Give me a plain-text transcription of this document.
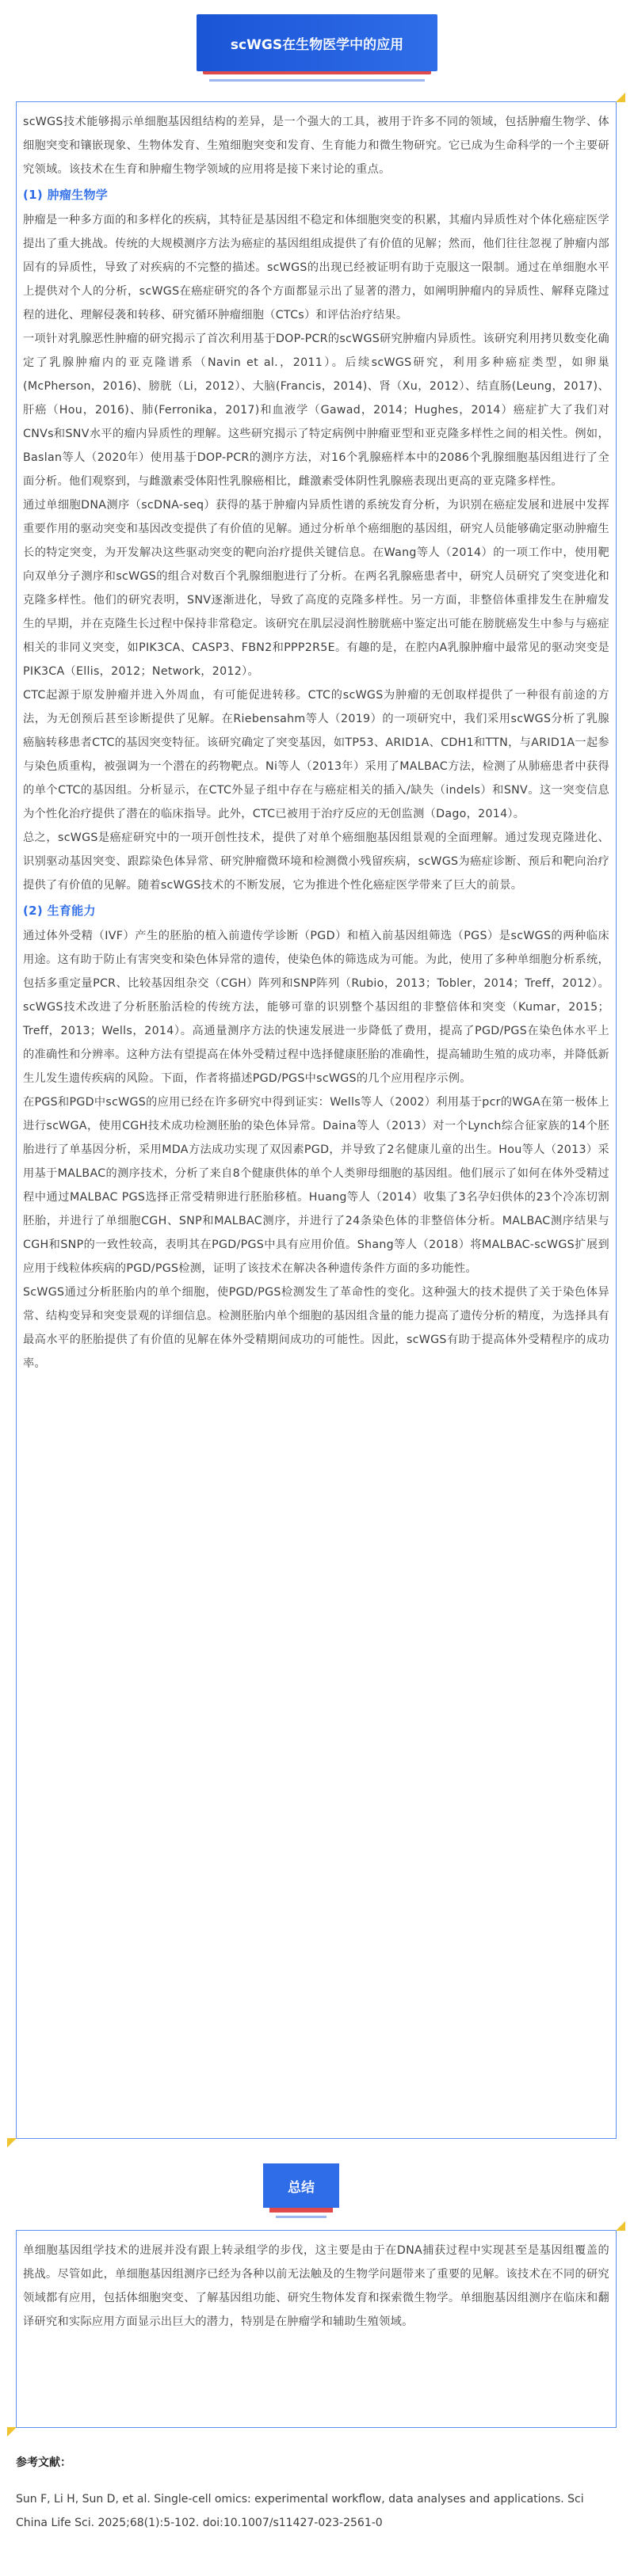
scWGS在生物医学中的应用

scWGS技术能够揭示单细胞基因组结构的差异，是一个强大的工具，被用于许多不同的领域，包括肿瘤生物学、体细胞突变和镶嵌现象、生物体发育、生殖细胞突变和发育、生育能力和微生物研究。它已成为生命科学的一个主要研究领域。该技术在生育和肿瘤生物学领域的应用将是接下来讨论的重点。

(1) 肿瘤生物学

肿瘤是一种多方面的和多样化的疾病，其特征是基因组不稳定和体细胞突变的积累，其瘤内异质性对个体化癌症医学提出了重大挑战。传统的大规模测序方法为癌症的基因组组成提供了有价值的见解；然而，他们往往忽视了肿瘤内部固有的异质性，导致了对疾病的不完整的描述。scWGS的出现已经被证明有助于克服这一限制。通过在单细胞水平上提供对个人的分析，scWGS在癌症研究的各个方面都显示出了显著的潜力，如阐明肿瘤内的异质性、解释克隆过程的进化、理解侵袭和转移、研究循环肿瘤细胞（CTCs）和评估治疗结果。

一项针对乳腺恶性肿瘤的研究揭示了首次利用基于DOP-PCR的scWGS研究肿瘤内异质性。该研究利用拷贝数变化确定了乳腺肿瘤内的亚克隆谱系（Navin et al.，2011）。后续scWGS研究，利用多种癌症类型，如卵巢(McPherson，2016)、膀胱（Li，2012）、大脑(Francis，2014)、肾（Xu，2012）、结直肠(Leung，2017)、肝癌（Hou，2016)、肺(Ferronika，2017)和血液学（Gawad，2014；Hughes，2014）癌症扩大了我们对CNVs和SNV水平的瘤内异质性的理解。这些研究揭示了特定病例中肿瘤亚型和亚克隆多样性之间的相关性。例如，Baslan等人（2020年）使用基于DOP-PCR的测序方法，对16个乳腺癌样本中的2086个乳腺细胞基因组进行了全面分析。他们观察到，与雌激素受体阳性乳腺癌相比，雌激素受体阴性乳腺癌表现出更高的亚克隆多样性。

通过单细胞DNA测序（scDNA-seq）获得的基于肿瘤内异质性谱的系统发育分析，为识别在癌症发展和进展中发挥重要作用的驱动突变和基因改变提供了有价值的见解。通过分析单个癌细胞的基因组，研究人员能够确定驱动肿瘤生长的特定突变，为开发解决这些驱动突变的靶向治疗提供关键信息。在Wang等人（2014）的一项工作中，使用靶向双单分子测序和scWGS的组合对数百个乳腺细胞进行了分析。在两名乳腺癌患者中，研究人员研究了突变进化和克隆多样性。他们的研究表明，SNV逐渐进化，导致了高度的克隆多样性。另一方面，非整倍体重排发生在肿瘤发生的早期，并在克隆生长过程中保持非常稳定。该研究在肌层浸润性膀胱癌中鉴定出可能在膀胱癌发生中参与与癌症相关的非同义突变，如PIK3CA、CASP3、FBN2和PPP2R5E。有趣的是，在腔内A乳腺肿瘤中最常见的驱动突变是PIK3CA（Ellis，2012；Network，2012）。

CTC起源于原发肿瘤并进入外周血，有可能促进转移。CTC的scWGS为肿瘤的无创取样提供了一种很有前途的方法，为无创预后甚至诊断提供了见解。在Riebensahm等人（2019）的一项研究中，我们采用scWGS分析了乳腺癌脑转移患者CTC的基因突变特征。该研究确定了突变基因，如TP53、ARID1A、CDH1和TTN，与ARID1A一起参与染色质重构，被强调为一个潜在的药物靶点。Ni等人（2013年）采用了MALBAC方法，检测了从肺癌患者中获得的单个CTC的基因组。分析显示，在CTC外显子组中存在与癌症相关的插入/缺失（indels）和SNV。这一突变信息为个性化治疗提供了潜在的临床指导。此外，CTC已被用于治疗反应的无创监测（Dago，2014）。

总之，scWGS是癌症研究中的一项开创性技术，提供了对单个癌细胞基因组景观的全面理解。通过发现克隆进化、识别驱动基因突变、跟踪染色体异常、研究肿瘤微环境和检测微小残留疾病，scWGS为癌症诊断、预后和靶向治疗提供了有价值的见解。随着scWGS技术的不断发展，它为推进个性化癌症医学带来了巨大的前景。

(2) 生育能力

通过体外受精（IVF）产生的胚胎的植入前遗传学诊断（PGD）和植入前基因组筛选（PGS）是scWGS的两种临床用途。这有助于防止有害突变和染色体异常的遗传，使染色体的筛选成为可能。为此，使用了多种单细胞分析系统，包括多重定量PCR、比较基因组杂交（CGH）阵列和SNP阵列（Rubio，2013；Tobler，2014；Treff，2012）。scWGS技术改进了分析胚胎活检的传统方法，能够可靠的识别整个基因组的非整倍体和突变（Kumar，2015；Treff，2013；Wells，2014）。高通量测序方法的快速发展进一步降低了费用，提高了PGD/PGS在染色体水平上的准确性和分辨率。这种方法有望提高在体外受精过程中选择健康胚胎的准确性，提高辅助生殖的成功率，并降低新生儿发生遗传疾病的风险。下面，作者将描述PGD/PGS中scWGS的几个应用程序示例。

在PGS和PGD中scWGS的应用已经在许多研究中得到证实：Wells等人（2002）利用基于pcr的WGA在第一极体上进行scWGA，使用CGH技术成功检测胚胎的染色体异常。Daina等人（2013）对一个Lynch综合征家族的14个胚胎进行了单基因分析，采用MDA方法成功实现了双因素PGD，并导致了2名健康儿童的出生。Hou等人（2013）采用基于MALBAC的测序技术，分析了来自8个健康供体的单个人类卵母细胞的基因组。他们展示了如何在体外受精过程中通过MALBAC PGS选择正常受精卵进行胚胎移植。Huang等人（2014）收集了3名孕妇供体的23个冷冻切割胚胎，并进行了单细胞CGH、SNP和MALBAC测序，并进行了24条染色体的非整倍体分析。MALBAC测序结果与CGH和SNP的一致性较高，表明其在PGD/PGS中具有应用价值。Shang等人（2018）将MALBAC-scWGS扩展到应用于线粒体疾病的PGD/PGS检测，证明了该技术在解决各种遗传条件方面的多功能性。

ScWGS通过分析胚胎内的单个细胞，使PGD/PGS检测发生了革命性的变化。这种强大的技术提供了关于染色体异常、结构变异和突变景观的详细信息。检测胚胎内单个细胞的基因组含量的能力提高了遗传分析的精度，为选择具有最高水平的胚胎提供了有价值的见解在体外受精期间成功的可能性。因此，scWGS有助于提高体外受精程序的成功率。

总结

单细胞基因组学技术的进展并没有跟上转录组学的步伐，这主要是由于在DNA捕获过程中实现甚至是基因组覆盖的挑战。尽管如此，单细胞基因组测序已经为各种以前无法触及的生物学问题带来了重要的见解。该技术在不同的研究领域都有应用，包括体细胞突变、了解基因组功能、研究生物体发育和探索微生物学。单细胞基因组测序在临床和翻译研究和实际应用方面显示出巨大的潜力，特别是在肿瘤学和辅助生殖领域。

参考文献：
Sun F, Li H, Sun D, et al. Single-cell omics: experimental workflow, data analyses and applications. Sci China Life Sci. 2025;68(1):5-102. doi:10.1007/s11427-023-2561-0
